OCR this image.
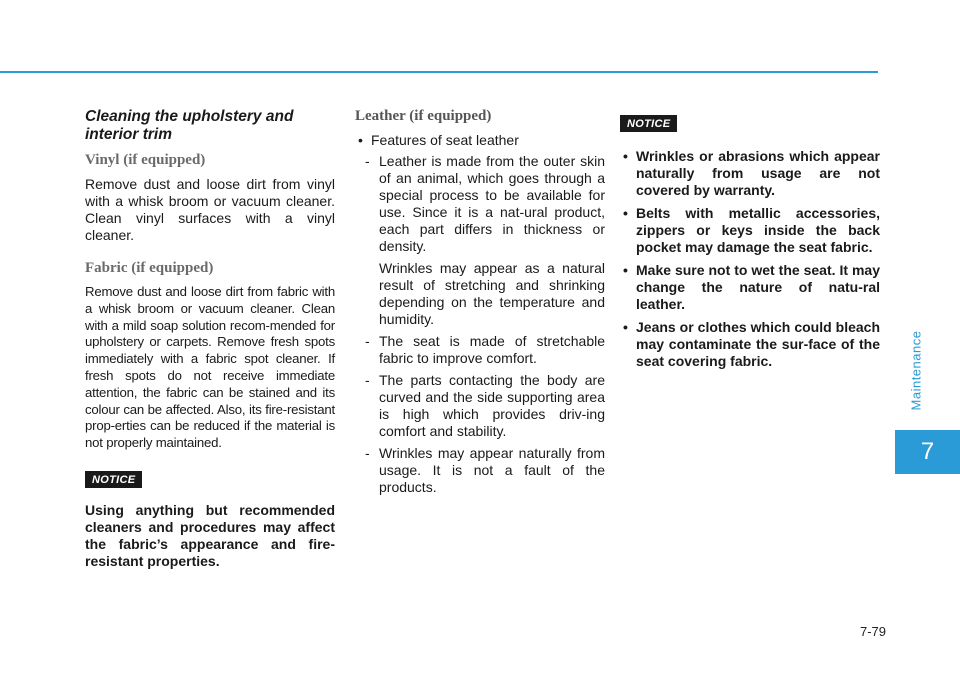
Maintenance
7
7-79
Cleaning the upholstery and
interior trim
Vinyl (if equipped)

Remove dust and loose dirt from vinyl with a whisk broom or vacuum cleaner. Clean vinyl surfaces with a vinyl cleaner.

Fabric (if equipped)

Remove dust and loose dirt from fabric with a whisk broom or vacuum cleaner. Clean with a mild soap solution recom-mended for upholstery or carpets. Remove fresh spots immediately with a fabric spot cleaner. If fresh spots do not receive immediate attention, the fabric can be stained and its colour can be affected. Also, its fire-resistant prop-erties can be reduced if the material is not properly maintained.

NOTICE

Using anything but recommended cleaners and procedures may affect the fabric’s appearance and fire-resistant properties.

Leather (if equipped)
• Features of seat leather
- Leather is made from the outer skin of an animal, which goes through a special process to be available for use. Since it is a nat-ural product, each part differs in thickness or density.
Wrinkles may appear as a natural result of stretching and shrinking depending on the temperature and humidity.
- The seat is made of stretchable fabric to improve comfort.
- The parts contacting the body are curved and the side supporting area is high which provides driv-ing comfort and stability.
- Wrinkles may appear naturally from usage. It is not a fault of the products.
NOTICE
• Wrinkles or abrasions which appear naturally from usage are not covered by warranty.
• Belts with metallic accessories, zippers or keys inside the back pocket may damage the seat fabric.
• Make sure not to wet the seat. It may change the nature of natu-ral leather.
• Jeans or clothes which could bleach may contaminate the sur-face of the seat covering fabric.
